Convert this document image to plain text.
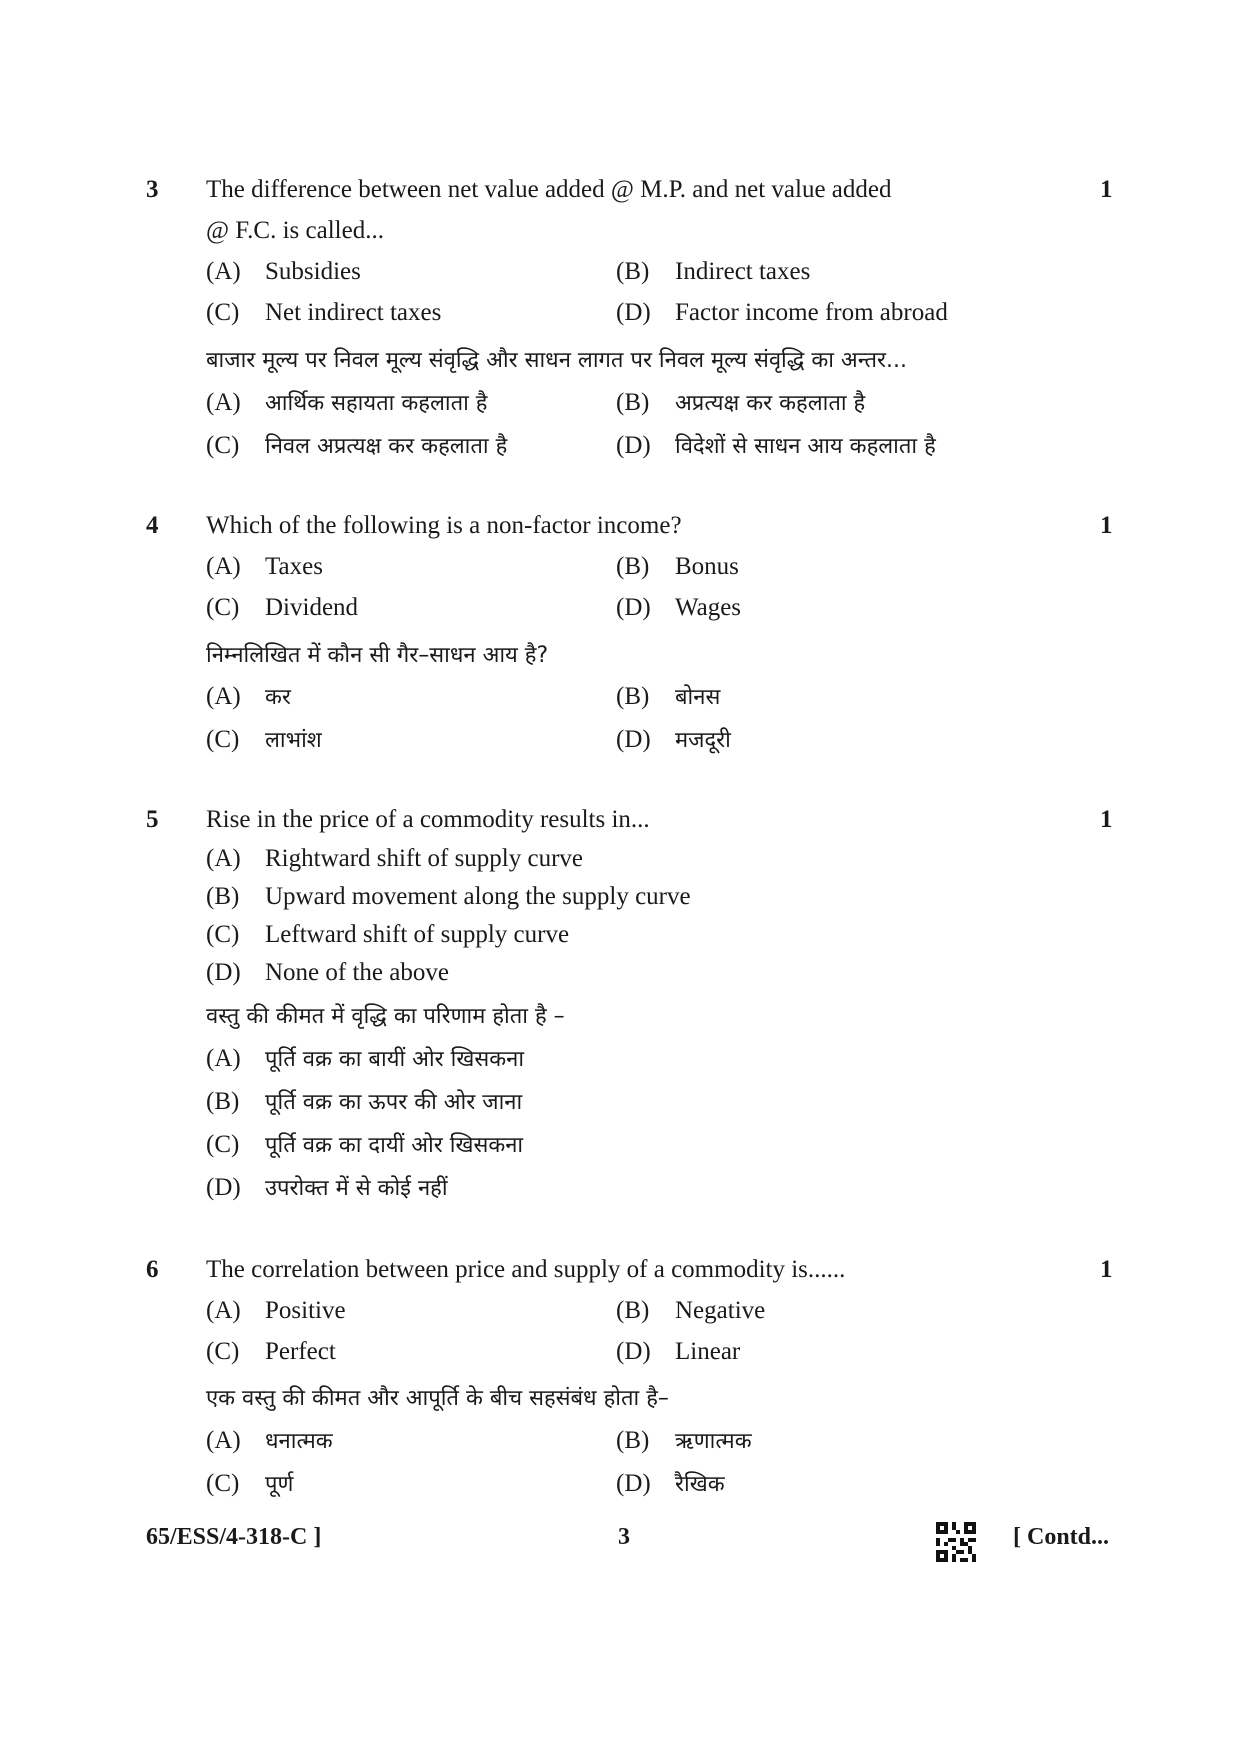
3	1
The difference between net value added @ M.P. and net value added
@ F.C. is called...
(A) Subsidies	(B) Indirect taxes
(C) Net indirect taxes	(D) Factor income from abroad
बाजार मूल्य पर निवल मूल्य संवृद्धि और साधन लागत पर निवल मूल्य संवृद्धि का अन्तर...
(A) आर्थिक सहायता कहलाता है	(B) अप्रत्यक्ष कर कहलाता है
(C) निवल अप्रत्यक्ष कर कहलाता है	(D) विदेशों से साधन आय कहलाता है
4	1
Which of the following is a non-factor income?
(A) Taxes	(B) Bonus
(C) Dividend	(D) Wages
निम्नलिखित में कौन सी गैर–साधन आय है?
(A) कर	(B) बोनस
(C) लाभांश	(D) मजदूरी
5	1
Rise in the price of a commodity results in...
(A) Rightward shift of supply curve
(B) Upward movement along the supply curve
(C) Leftward shift of supply curve
(D) None of the above
वस्तु की कीमत में वृद्धि का परिणाम होता है –
(A) पूर्ति वक्र का बायीं ओर खिसकना
(B) पूर्ति वक्र का ऊपर की ओर जाना
(C) पूर्ति वक्र का दायीं ओर खिसकना
(D) उपरोक्त में से कोई नहीं
6	1
The correlation between price and supply of a commodity is......
(A) Positive	(B) Negative
(C) Perfect	(D) Linear
एक वस्तु की कीमत और आपूर्ति के बीच सहसंबंध होता है–
(A) धनात्मक	(B) ऋणात्मक
(C) पूर्ण	(D) रैखिक
65/ESS/4-318-C ]	3	[ Contd...
